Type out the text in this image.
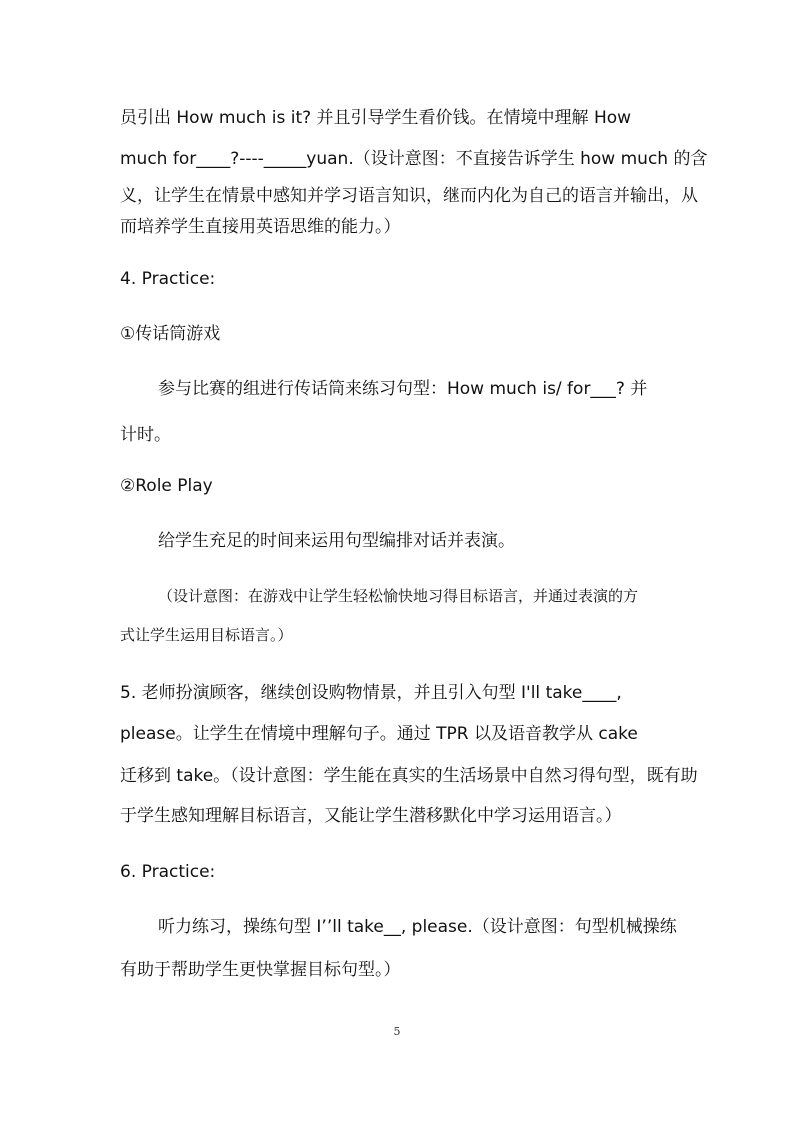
员引出 How much is it? 并且引导学生看价钱。在情境中理解 How
much for____?----_____yuan.（设计意图：不直接告诉学生 how much 的含
义，让学生在情景中感知并学习语言知识，继而内化为自己的语言并输出，从
而培养学生直接用英语思维的能力。）
4. Practice:
①传话筒游戏
参与比赛的组进行传话筒来练习句型：How much is/ for___? 并
计时。
②Role Play
给学生充足的时间来运用句型编排对话并表演。
（设计意图：在游戏中让学生轻松愉快地习得目标语言，并通过表演的方
式让学生运用目标语言。）
5. 老师扮演顾客，继续创设购物情景，并且引入句型 I'll take____,
please。让学生在情境中理解句子。通过 TPR 以及语音教学从 cake
迁移到 take。（设计意图：学生能在真实的生活场景中自然习得句型，既有助
于学生感知理解目标语言，又能让学生潜移默化中学习运用语言。）
6. Practice:
听力练习，操练句型 I’’ll take__, please.（设计意图：句型机械操练
有助于帮助学生更快掌握目标句型。）
5
